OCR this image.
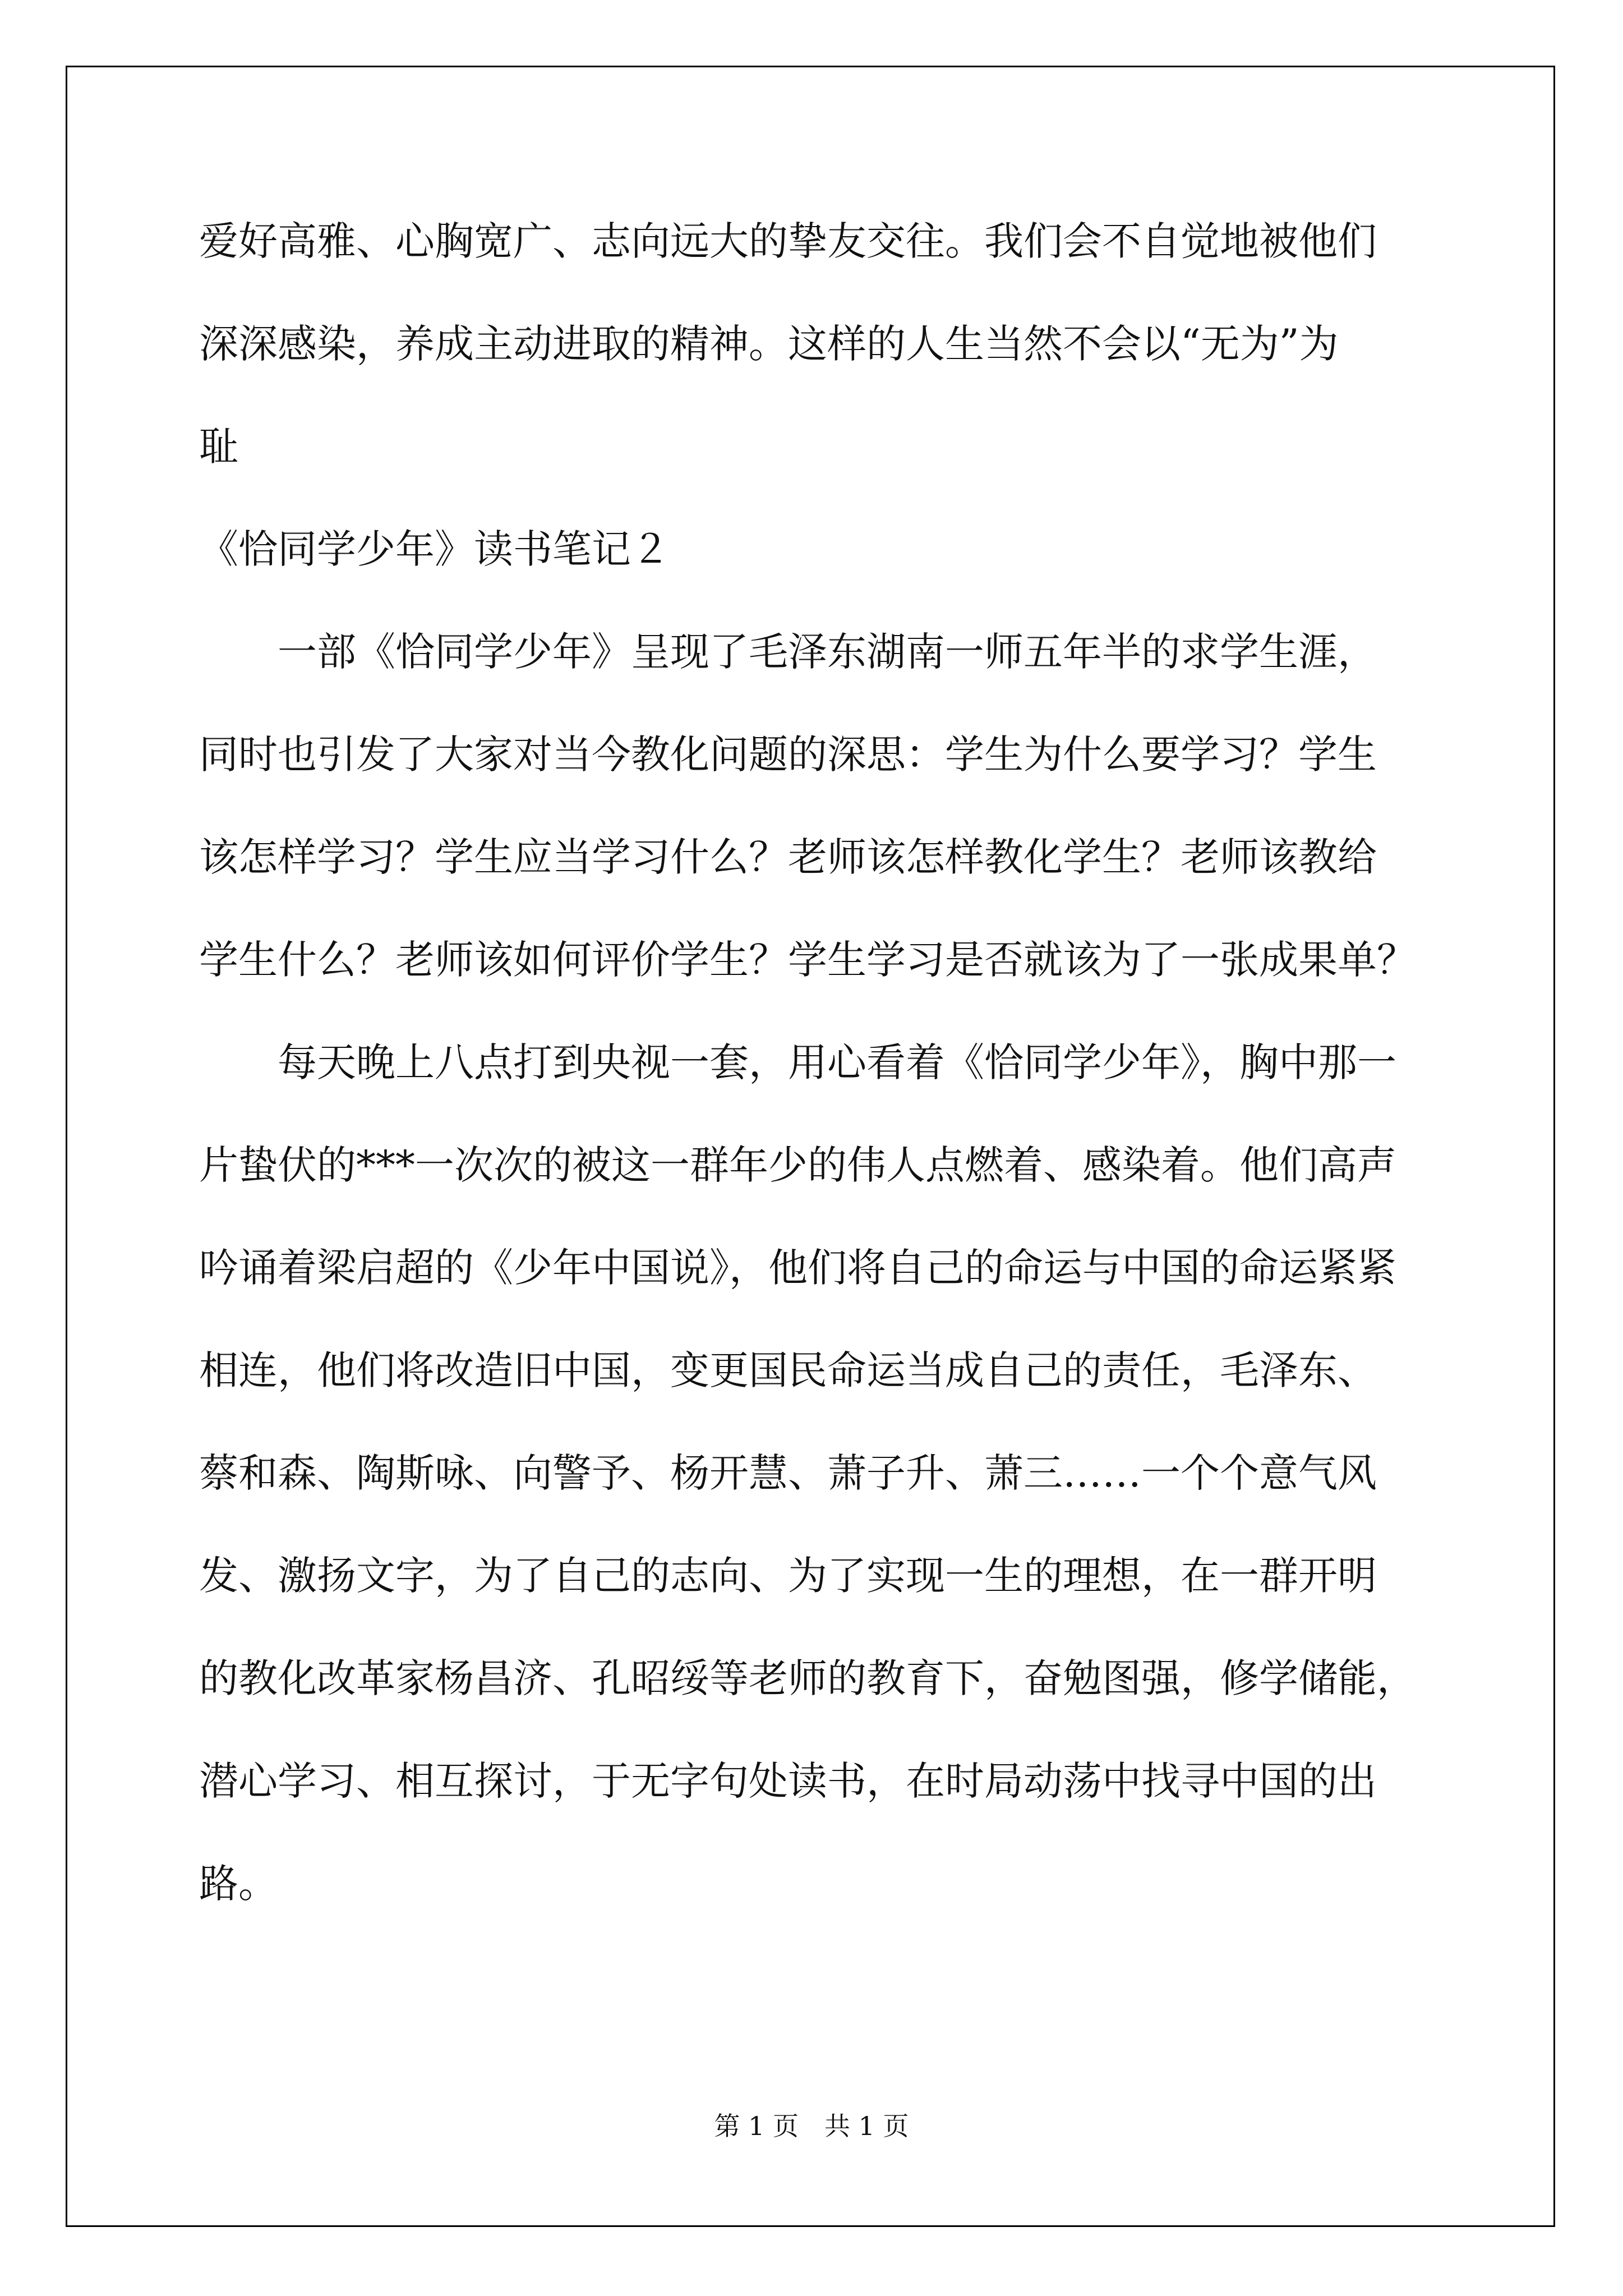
爱好高雅、心胸宽广、志向远大的挚友交往。我们会不自觉地被他们
深深感染，养成主动进取的精神。这样的人生当然不会以“无为”为
耻
《恰同学少年》读书笔记２
　　一部《恰同学少年》呈现了毛泽东湖南一师五年半的求学生涯，
同时也引发了大家对当今教化问题的深思：学生为什么要学习？学生
该怎样学习？学生应当学习什么？老师该怎样教化学生？老师该教给
学生什么？老师该如何评价学生？学生学习是否就该为了一张成果单？
　　每天晚上八点打到央视一套，用心看着《恰同学少年》，胸中那一
片蛰伏的***一次次的被这一群年少的伟人点燃着、感染着。他们高声
吟诵着梁启超的《少年中国说》，他们将自己的命运与中国的命运紧紧
相连，他们将改造旧中国，变更国民命运当成自己的责任，毛泽东、
蔡和森、陶斯咏、向警予、杨开慧、萧子升、萧三……一个个意气风
发、激扬文字，为了自己的志向、为了实现一生的理想，在一群开明
的教化改革家杨昌济、孔昭绥等老师的教育下，奋勉图强，修学储能，
潜心学习、相互探讨，于无字句处读书，在时局动荡中找寻中国的出
路。
第 1 页　共 1 页
